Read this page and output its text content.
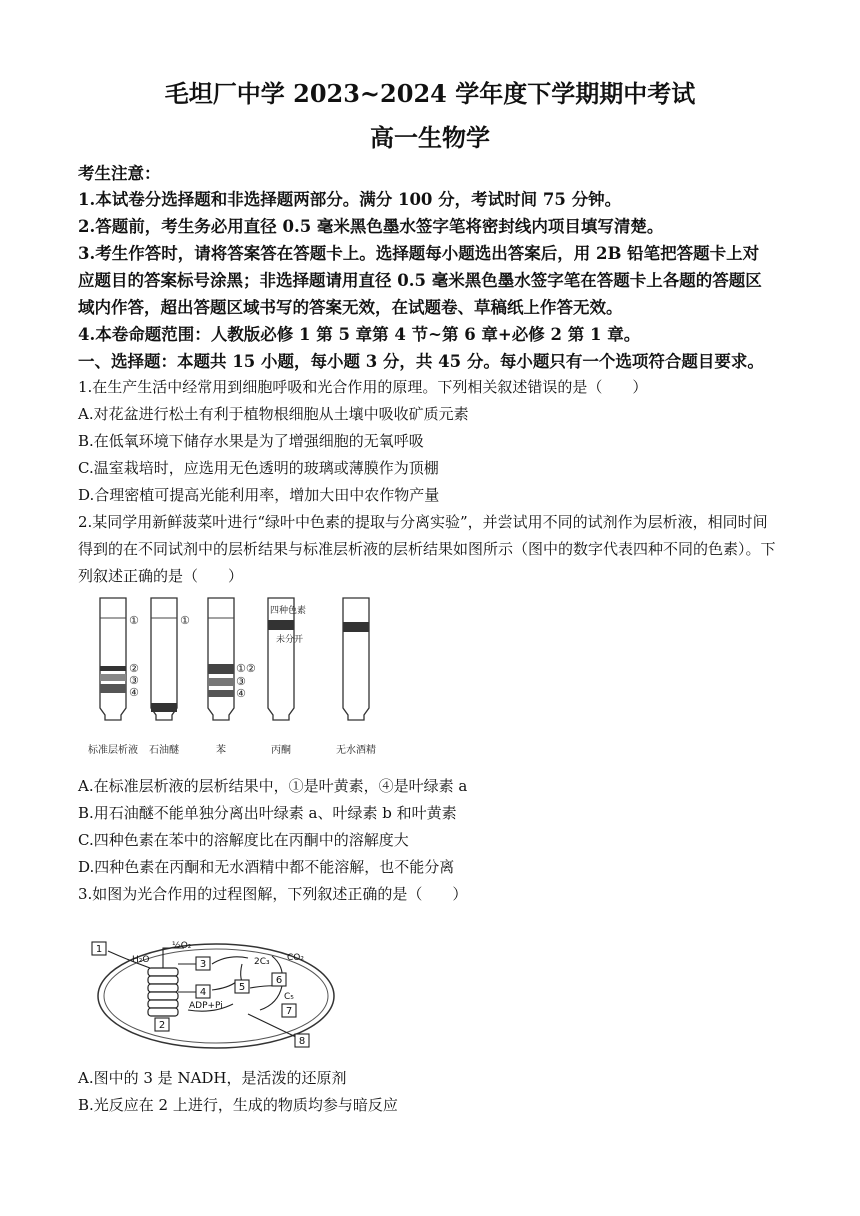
毛坦厂中学 2023~2024 学年度下学期期中考试
高一生物学
考生注意：
1.本试卷分选择题和非选择题两部分。满分 100 分，考试时间 75 分钟。
2.答题前，考生务必用直径 0.5 毫米黑色墨水签字笔将密封线内项目填写清楚。
3.考生作答时，请将答案答在答题卡上。选择题每小题选出答案后，用 2B 铅笔把答题卡上对
应题目的答案标号涂黑；非选择题请用直径 0.5 毫米黑色墨水签字笔在答题卡上各题的答题区
域内作答，超出答题区域书写的答案无效，在试题卷、草稿纸上作答无效。
4.本卷命题范围：人教版必修 1 第 5 章第 4 节~第 6 章+必修 2 第 1 章。
一、选择题：本题共 15 小题，每小题 3 分，共 45 分。每小题只有一个选项符合题目要求。
1.在生产生活中经常用到细胞呼吸和光合作用的原理。下列相关叙述错误的是（　　）
A.对花盆进行松土有利于植物根细胞从土壤中吸收矿质元素
B.在低氧环境下储存水果是为了增强细胞的无氧呼吸
C.温室栽培时，应选用无色透明的玻璃或薄膜作为顶棚
D.合理密植可提高光能利用率，增加大田中农作物产量
2.某同学用新鲜菠菜叶进行“绿叶中色素的提取与分离实验”，并尝试用不同的试剂作为层析液，相同时间
得到的在不同试剂中的层析结果与标准层析液的层析结果如图所示（图中的数字代表四种不同的色素）。下
列叙述正确的是（　　）
①
②
③
④
①
①②
③
④
四种色素
未分开
标准层析液 石油醚	苯	丙酮	无水酒精
A.在标准层析液的层析结果中，①是叶黄素，④是叶绿素 a
B.用石油醚不能单独分离出叶绿素 a、叶绿素 b 和叶黄素
C.四种色素在苯中的溶解度比在丙酮中的溶解度大
D.四种色素在丙酮和无水酒精中都不能溶解，也不能分离
3.如图为光合作用的过程图解，下列叙述正确的是（　　）
1
2
3
4	5
6
7
8
H₂O
½O₂
2C₃ CO₂
C₅
ADP+Pi
A.图中的 3 是 NADH，是活泼的还原剂
B.光反应在 2 上进行，生成的物质均参与暗反应
